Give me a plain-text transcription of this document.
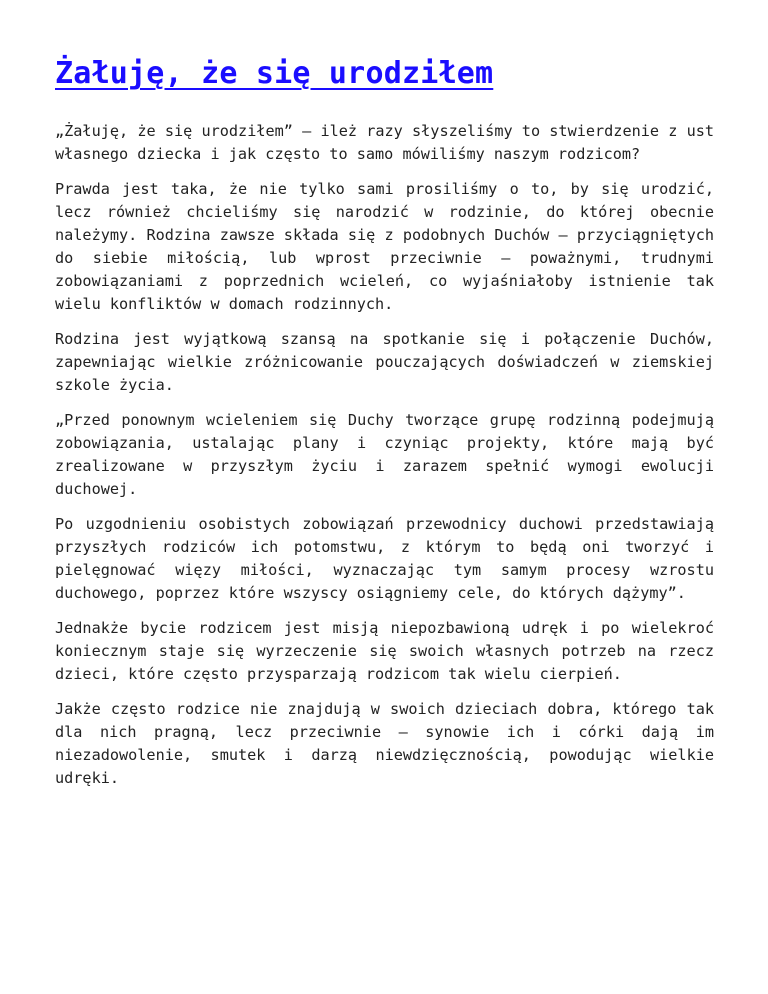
Żałuję, że się urodziłem

„Żałuję, że się urodziłem” – ileż razy słyszeliśmy to stwierdzenie z ust własnego dziecka i jak często to samo mówiliśmy naszym rodzicom?

Prawda jest taka, że nie tylko sami prosiliśmy o to, by się urodzić, lecz również chcieliśmy się narodzić w rodzinie, do której obecnie należymy. Rodzina zawsze składa się z podobnych Duchów – przyciągniętych do siebie miłością, lub wprost przeciwnie – poważnymi, trudnymi zobowiązaniami z poprzednich wcieleń, co wyjaśniałoby istnienie tak wielu konfliktów w domach rodzinnych.

Rodzina jest wyjątkową szansą na spotkanie się i połączenie Duchów, zapewniając wielkie zróżnicowanie pouczających doświadczeń w ziemskiej szkole życia.

„Przed ponownym wcieleniem się Duchy tworzące grupę rodzinną podejmują zobowiązania, ustalając plany i czyniąc projekty, które mają być zrealizowane w przyszłym życiu i zarazem spełnić wymogi ewolucji duchowej.

Po uzgodnieniu osobistych zobowiązań przewodnicy duchowi przedstawiają przyszłych rodziców ich potomstwu, z którym to będą oni tworzyć i pielęgnować więzy miłości, wyznaczając tym samym procesy wzrostu duchowego, poprzez które wszyscy osiągniemy cele, do których dążymy”.

Jednakże bycie rodzicem jest misją niepozbawioną udręk i po wielekroć koniecznym staje się wyrzeczenie się swoich własnych potrzeb na rzecz dzieci, które często przysparzają rodzicom tak wielu cierpień.

Jakże często rodzice nie znajdują w swoich dzieciach dobra, którego tak dla nich pragną, lecz przeciwnie – synowie ich i córki dają im niezadowolenie, smutek i darzą niewdzięcznością, powodując wielkie udręki.
